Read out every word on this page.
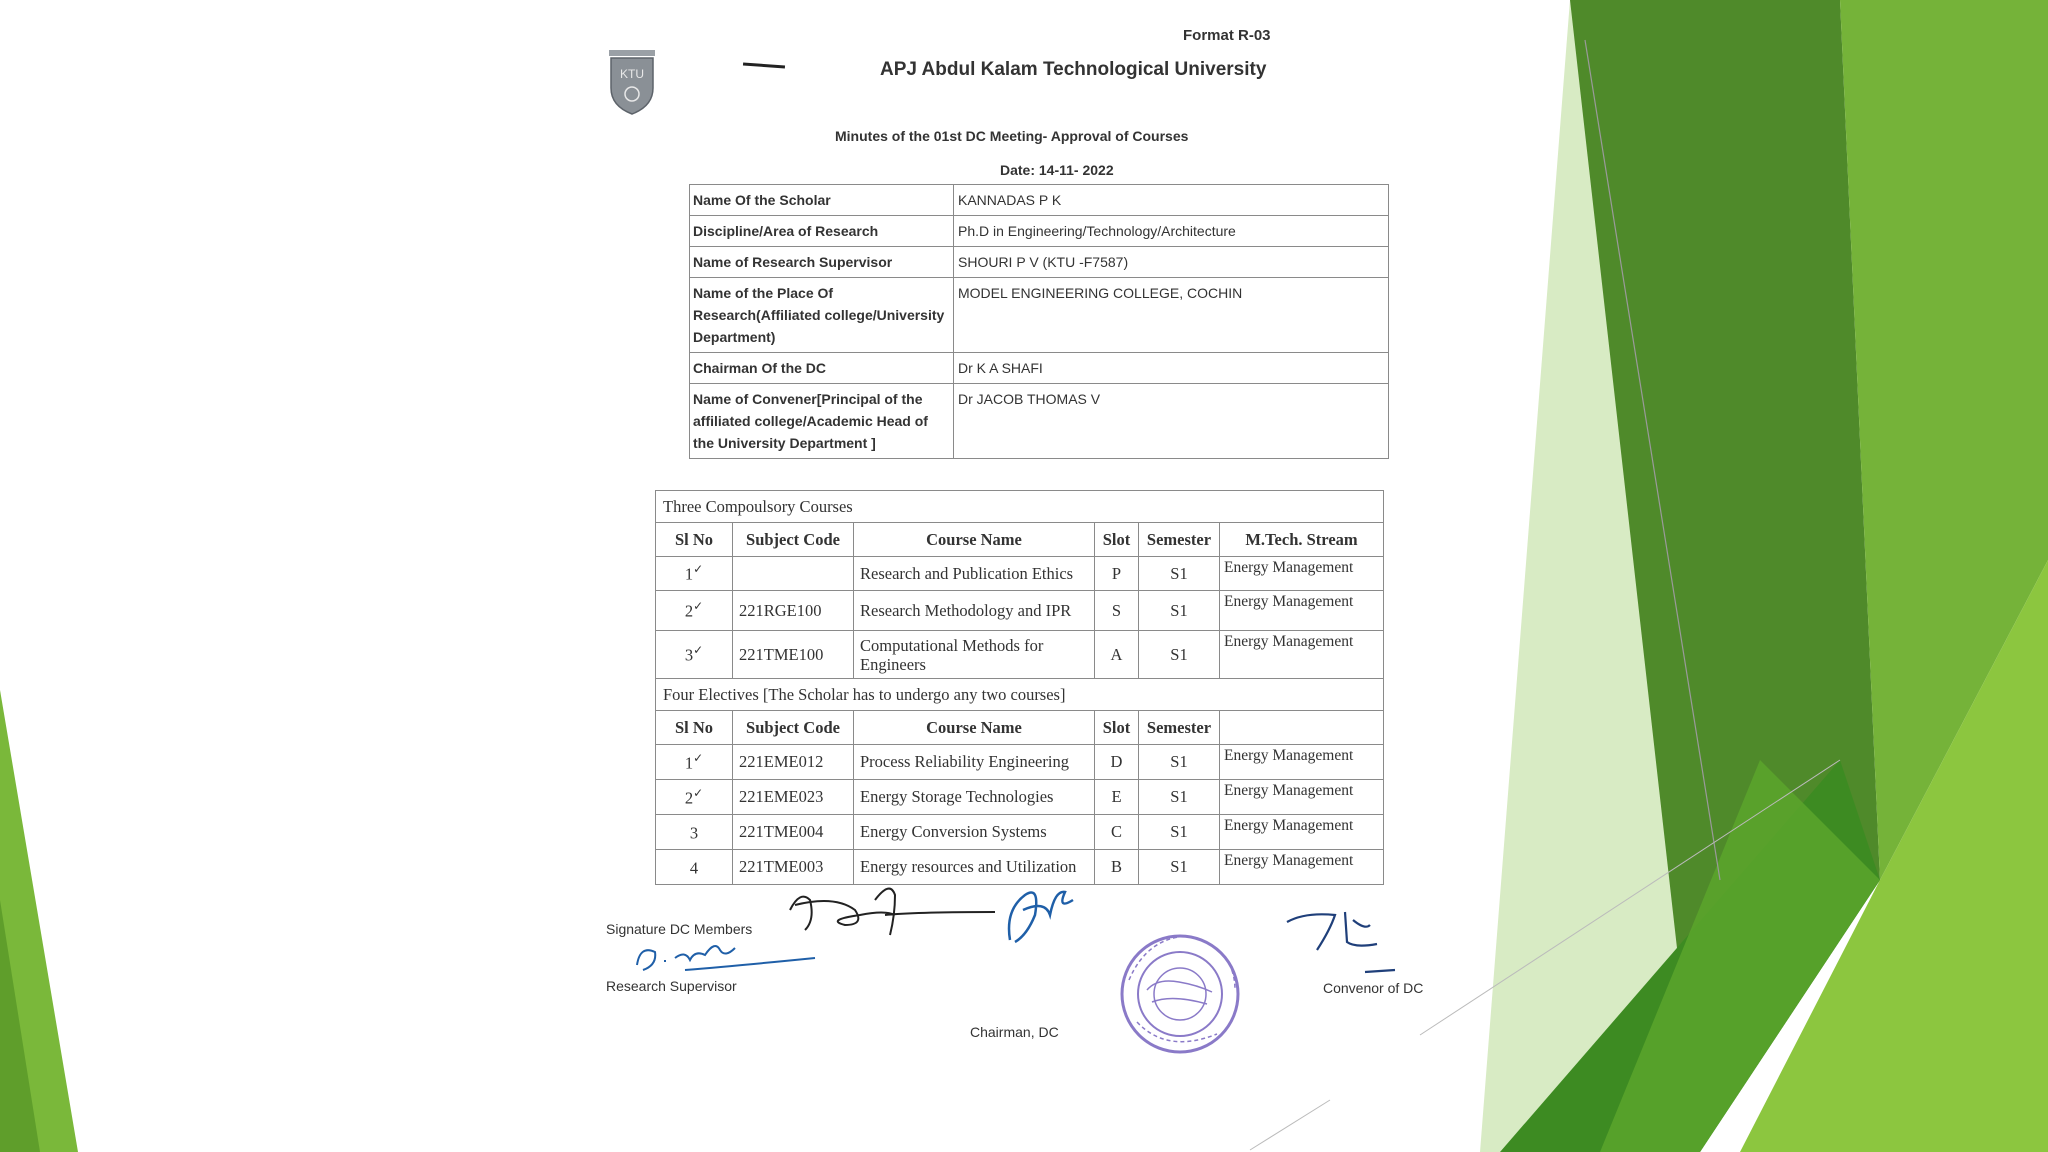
Format R-03
KTU	APJ Abdul Kalam Technological University
Minutes of the 01st DC Meeting- Approval of Courses
Date: 14-11- 2022
Name Of the Scholar	KANNADAS P K
Discipline/Area of Research	Ph.D in Engineering/Technology/Architecture
Name of Research Supervisor	SHOURI P V (KTU -F7587)
Name of the Place Of Research(Affiliated college/University Department)	MODEL ENGINEERING COLLEGE, COCHIN
Chairman Of the DC	Dr K A SHAFI
Name of Convener[Principal of the affiliated college/Academic Head of the University Department ]	Dr JACOB THOMAS V
Three Compoulsory Courses					
Sl No	Subject Code	Course Name	Slot	Semester	M.Tech. Stream
1✓		Research and Publication Ethics	P	S1	Energy Management
2✓	221RGE100	Research Methodology and IPR	S	S1	Energy Management
3✓	221TME100	Computational Methods for Engineers	A	S1	Energy Management
Four Electives [The Scholar has to undergo any two courses]					
Sl No	Subject Code	Course Name	Slot	Semester	
1✓	221EME012	Process Reliability Engineering	D	S1	Energy Management
2✓	221EME023	Energy Storage Technologies	E	S1	Energy Management
3	221TME004	Energy Conversion Systems	C	S1	Energy Management
4	221TME003	Energy resources and Utilization	B	S1	Energy Management
Signature DC Members
Research Supervisor
Chairman, DC
Convenor of DC
